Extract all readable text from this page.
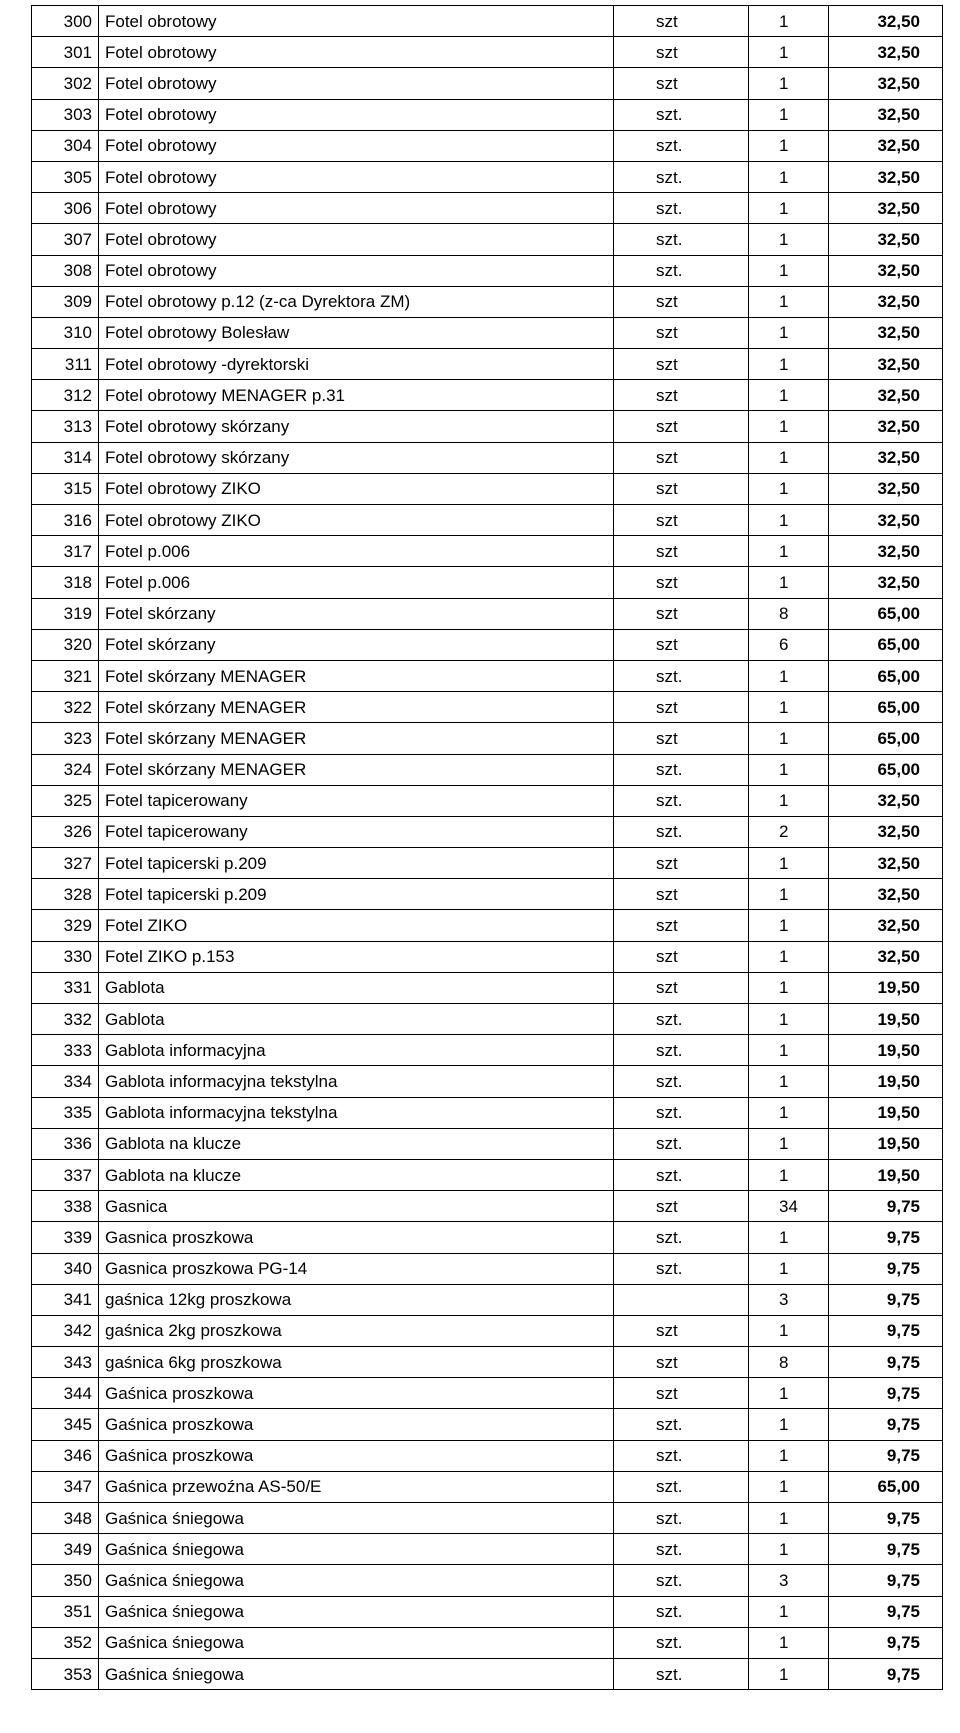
300	Fotel obrotowy	szt	1	32,50
301	Fotel obrotowy	szt	1	32,50
302	Fotel obrotowy	szt	1	32,50
303	Fotel obrotowy	szt.	1	32,50
304	Fotel obrotowy	szt.	1	32,50
305	Fotel obrotowy	szt.	1	32,50
306	Fotel obrotowy	szt.	1	32,50
307	Fotel obrotowy	szt.	1	32,50
308	Fotel obrotowy	szt.	1	32,50
309	Fotel obrotowy p.12 (z-ca Dyrektora ZM)	szt	1	32,50
310	Fotel obrotowy Bolesław	szt	1	32,50
311	Fotel obrotowy -dyrektorski	szt	1	32,50
312	Fotel obrotowy MENAGER p.31	szt	1	32,50
313	Fotel obrotowy skórzany	szt	1	32,50
314	Fotel obrotowy skórzany	szt	1	32,50
315	Fotel obrotowy ZIKO	szt	1	32,50
316	Fotel obrotowy ZIKO	szt	1	32,50
317	Fotel p.006	szt	1	32,50
318	Fotel p.006	szt	1	32,50
319	Fotel skórzany	szt	8	65,00
320	Fotel skórzany	szt	6	65,00
321	Fotel skórzany MENAGER	szt.	1	65,00
322	Fotel skórzany MENAGER	szt	1	65,00
323	Fotel skórzany MENAGER	szt	1	65,00
324	Fotel skórzany MENAGER	szt.	1	65,00
325	Fotel tapicerowany	szt.	1	32,50
326	Fotel tapicerowany	szt.	2	32,50
327	Fotel tapicerski p.209	szt	1	32,50
328	Fotel tapicerski p.209	szt	1	32,50
329	Fotel ZIKO	szt	1	32,50
330	Fotel ZIKO p.153	szt	1	32,50
331	Gablota	szt	1	19,50
332	Gablota	szt.	1	19,50
333	Gablota informacyjna	szt.	1	19,50
334	Gablota informacyjna tekstylna	szt.	1	19,50
335	Gablota informacyjna tekstylna	szt.	1	19,50
336	Gablota na klucze	szt.	1	19,50
337	Gablota na klucze	szt.	1	19,50
338	Gasnica	szt	34	9,75
339	Gasnica proszkowa	szt.	1	9,75
340	Gasnica proszkowa PG-14	szt.	1	9,75
341	gaśnica 12kg proszkowa		3	9,75
342	gaśnica 2kg proszkowa	szt	1	9,75
343	gaśnica 6kg proszkowa	szt	8	9,75
344	Gaśnica proszkowa	szt	1	9,75
345	Gaśnica proszkowa	szt.	1	9,75
346	Gaśnica proszkowa	szt.	1	9,75
347	Gaśnica przewoźna AS-50/E	szt.	1	65,00
348	Gaśnica śniegowa	szt.	1	9,75
349	Gaśnica śniegowa	szt.	1	9,75
350	Gaśnica śniegowa	szt.	3	9,75
351	Gaśnica śniegowa	szt.	1	9,75
352	Gaśnica śniegowa	szt.	1	9,75
353	Gaśnica śniegowa	szt.	1	9,75
